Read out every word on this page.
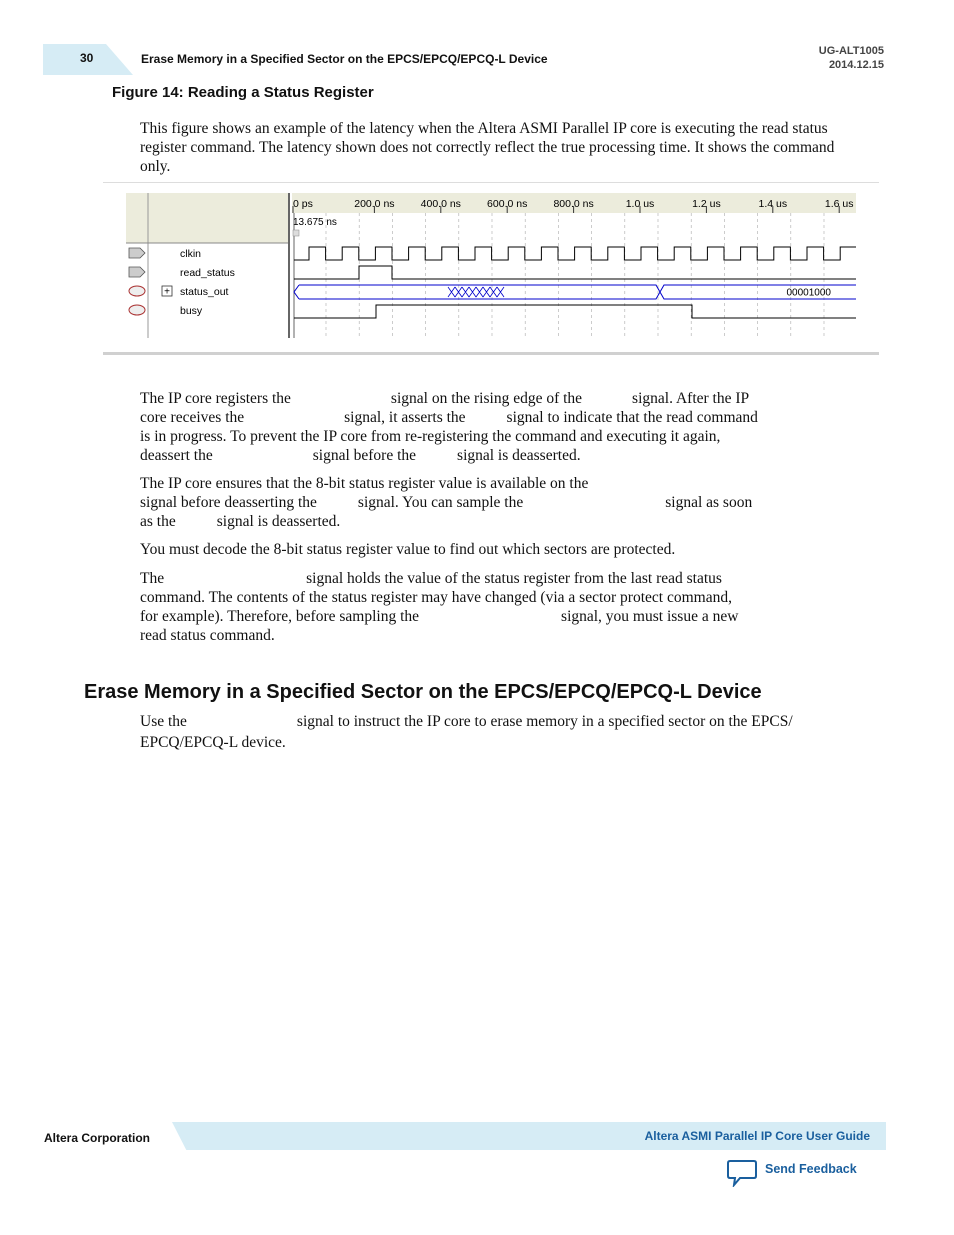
30	Erase Memory in a Specified Sector on the EPCS/EPCQ/EPCQ-L Device
UG-ALT1005
2014.12.15
Figure 14: Reading a Status Register
This figure shows an example of the latency when the Altera ASMI Parallel IP core is executing the read status register command. The latency shown does not correctly reflect the true processing time. It shows the command only.
0 ps	200.0 ns 400.0 ns 600.0 ns 800.0 ns	1.0 us	1.2 us	1.4 us	1.6 us
13.675 ns
+
clkin
read_status
status_out
busy
00001000
The IP core registers the	signal on the rising edge of the	signal. After the IP
core receives the	signal, it asserts the	signal to indicate that the read command
is in progress. To prevent the IP core from re-registering the command and executing it again,
deassert the	signal before the	signal is deasserted.
The IP core ensures that the 8-bit status register value is available on the
signal before deasserting the	signal. You can sample the	signal as soon
as the	signal is deasserted.
You must decode the 8-bit status register value to find out which sectors are protected.
The	signal holds the value of the status register from the last read status
command. The contents of the status register may have changed (via a sector protect command,
for example). Therefore, before sampling the	signal, you must issue a new
read status command.
Erase Memory in a Specified Sector on the EPCS/EPCQ/EPCQ-L Device
Use the	signal to instruct the IP core to erase memory in a specified sector on the EPCS/
EPCQ/EPCQ-L device.
Altera Corporation	Altera ASMI Parallel IP Core User Guide
Send Feedback
